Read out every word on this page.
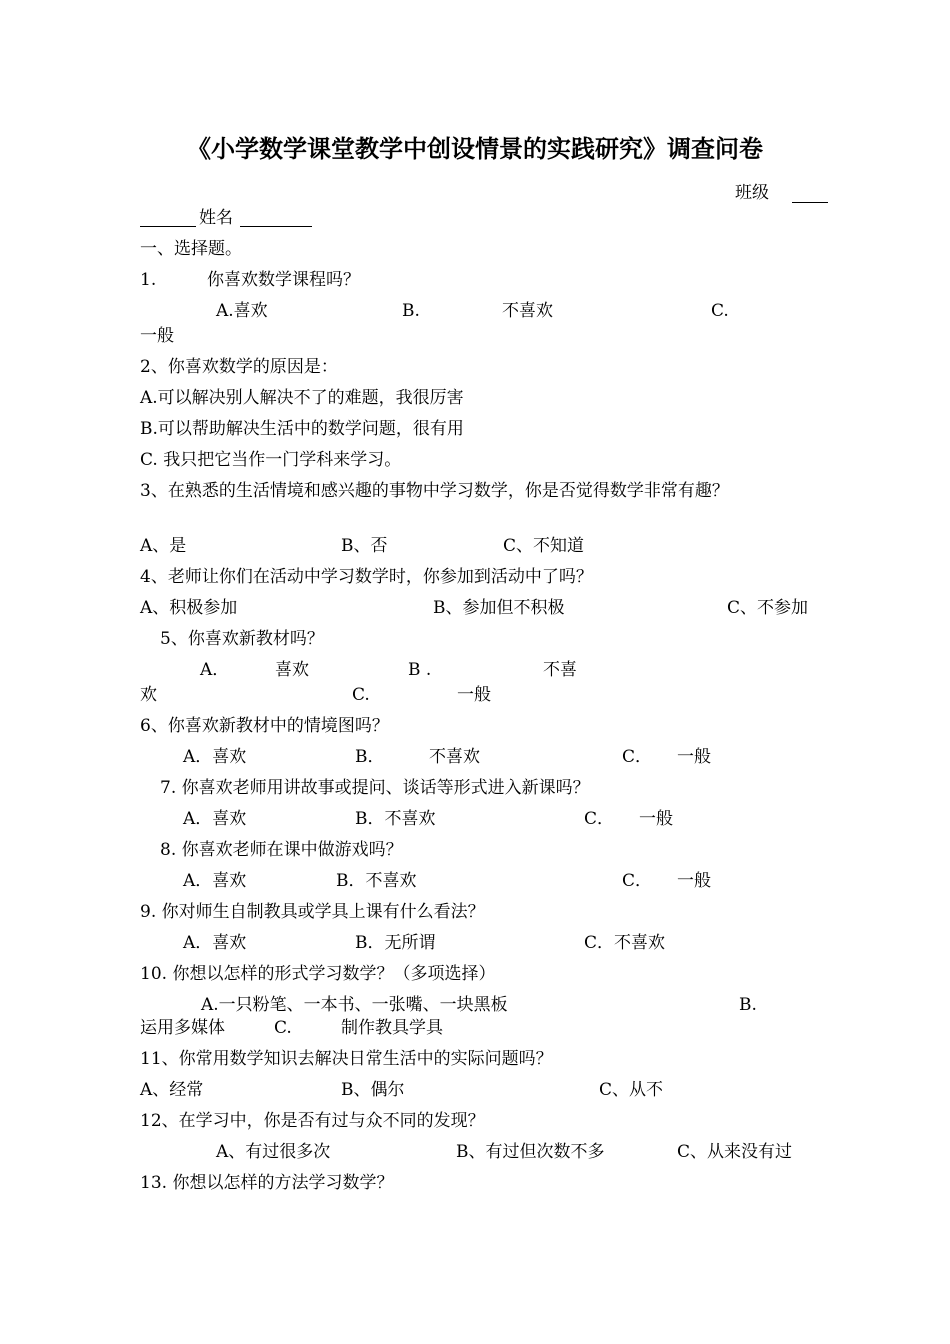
《小学数学课堂教学中创设情景的实践研究》调查问卷
班级
姓名
一、选择题。
1.	你喜欢数学课程吗？
A.喜欢	B.	不喜欢	C.
一般
2、你喜欢数学的原因是：
A.可以解决别人解决不了的难题，我很厉害
B.可以帮助解决生活中的数学问题，很有用
C. 我只把它当作一门学科来学习。
3、在熟悉的生活情境和感兴趣的事物中学习数学，你是否觉得数学非常有趣？
A、是	B、否	C、不知道
4、老师让你们在活动中学习数学时，你参加到活动中了吗？
A、积极参加	B、参加但不积极	C、不参加
5、你喜欢新教材吗？
A．	喜欢	B .	不喜
欢	C.	一般
6、你喜欢新教材中的情境图吗？
A．喜欢	B．	不喜欢	C． 一般
7. 你喜欢老师用讲故事或提问、谈话等形式进入新课吗？
A．喜欢	B．不喜欢	C． 一般
8. 你喜欢老师在课中做游戏吗？
A．喜欢	B．不喜欢	C． 一般
9. 你对师生自制教具或学具上课有什么看法？
A．喜欢	B．无所谓	C．不喜欢
10. 你想以怎样的形式学习数学？（多项选择）
A.一只粉笔、一本书、一张嘴、一块黑板	B.
运用多媒体	C.	制作教具学具
11、你常用数学知识去解决日常生活中的实际问题吗？
A、经常	B、偶尔	C、从不
12、在学习中，你是否有过与众不同的发现？
A、有过很多次	B、有过但次数不多	C、从来没有过
13. 你想以怎样的方法学习数学？
